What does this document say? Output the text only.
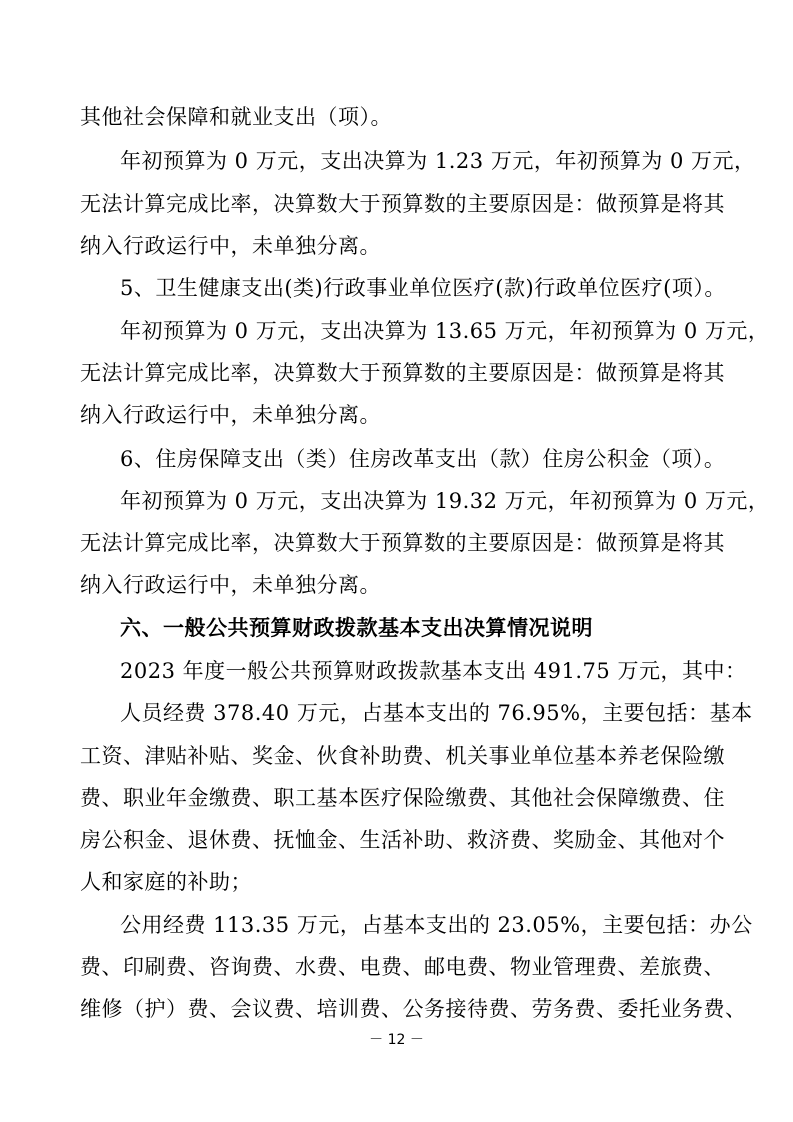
其他社会保障和就业支出（项）。
年初预算为 0 万元，支出决算为 1.23 万元，年初预算为 0 万元，
无法计算完成比率，决算数大于预算数的主要原因是：做预算是将其
纳入行政运行中，未单独分离。
5、卫生健康支出(类)行政事业单位医疗(款)行政单位医疗(项）。
年初预算为 0 万元，支出决算为 13.65 万元，年初预算为 0 万元，
无法计算完成比率，决算数大于预算数的主要原因是：做预算是将其
纳入行政运行中，未单独分离。
6、住房保障支出（类）住房改革支出（款）住房公积金（项）。
年初预算为 0 万元，支出决算为 19.32 万元，年初预算为 0 万元，
无法计算完成比率，决算数大于预算数的主要原因是：做预算是将其
纳入行政运行中，未单独分离。
六、一般公共预算财政拨款基本支出决算情况说明
2023 年度一般公共预算财政拨款基本支出 491.75 万元，其中：
人员经费 378.40 万元，占基本支出的 76.95%，主要包括：基本
工资、津贴补贴、奖金、伙食补助费、机关事业单位基本养老保险缴
费、职业年金缴费、职工基本医疗保险缴费、其他社会保障缴费、住
房公积金、退休费、抚恤金、生活补助、救济费、奖励金、其他对个
人和家庭的补助；
公用经费 113.35 万元，占基本支出的 23.05%，主要包括：办公
费、印刷费、咨询费、水费、电费、邮电费、物业管理费、差旅费、
维修（护）费、会议费、培训费、公务接待费、劳务费、委托业务费、
－ 12 －
